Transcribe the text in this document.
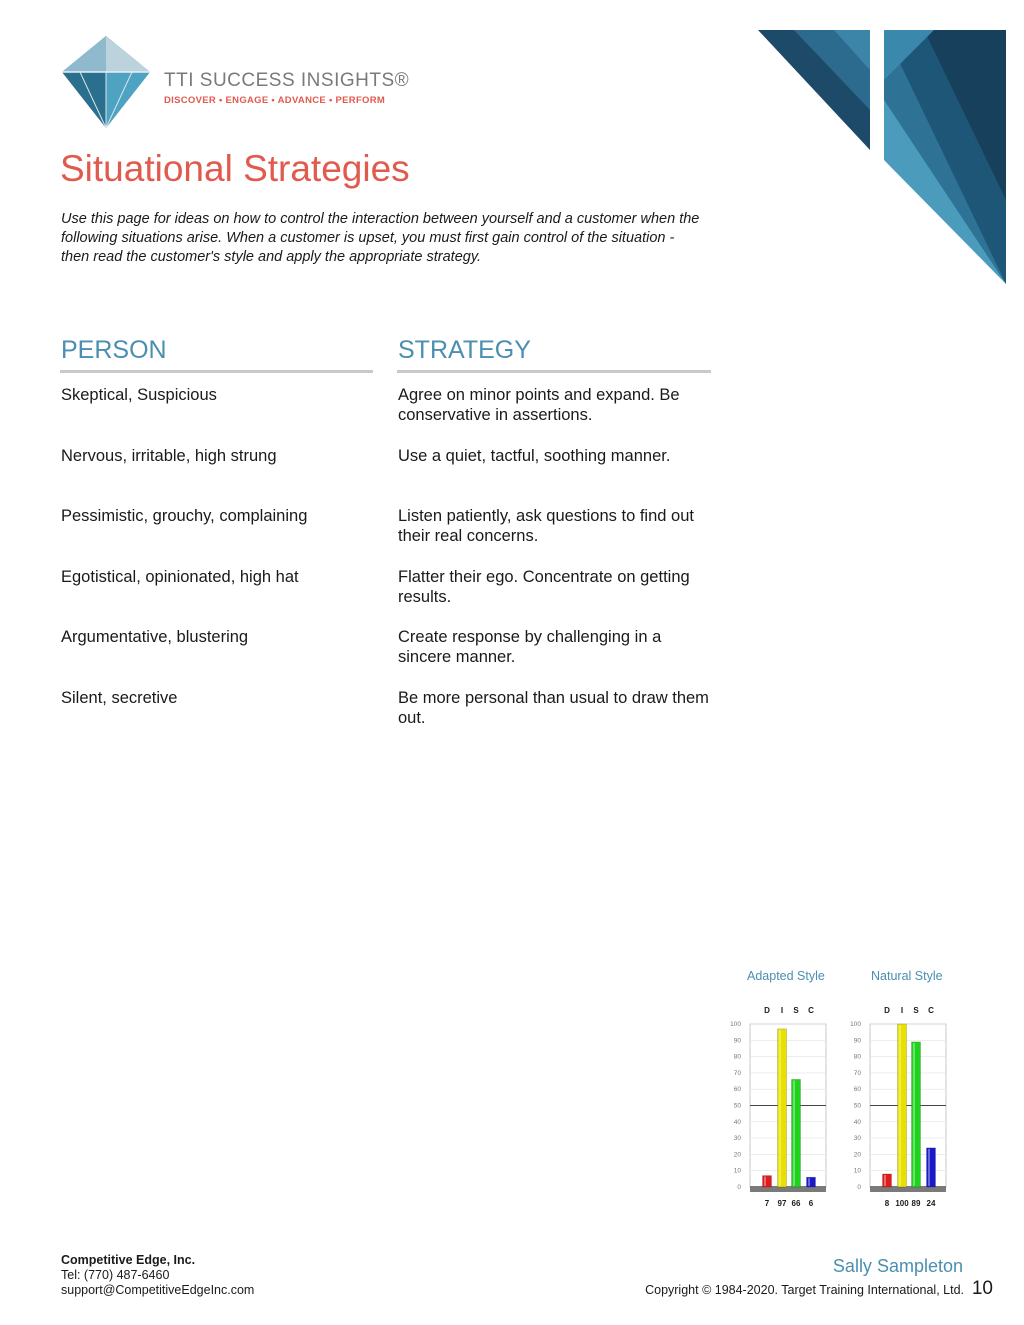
TTI SUCCESS INSIGHTS®
DISCOVER • ENGAGE • ADVANCE • PERFORM
Situational Strategies
Use this page for ideas on how to control the interaction between yourself and a customer when the following situations arise. When a customer is upset, you must first gain control of the situation - then read the customer's style and apply the appropriate strategy.
PERSON	STRATEGY
Skeptical, Suspicious	Agree on minor points and expand. Be conservative in assertions.
Nervous, irritable, high strung	Use a quiet, tactful, soothing manner.
Pessimistic, grouchy, complaining	Listen patiently, ask questions to find out their real concerns.
Egotistical, opinionated, high hat	Flatter their ego. Concentrate on getting results.
Argumentative, blustering	Create response by challenging in a sincere manner.
Silent, secretive	Be more personal than usual to draw them out.
Adapted Style	Natural Style
0
10
20
30
40
50
60
70
80
90
100
D
7
I
97
S
66
C
6
0
10
20
30
40
50
60
70
80
90
100
D
8
I
100
S
89
C
24
Competitive Edge, Inc.
Tel: (770) 487-6460
support@CompetitiveEdgeInc.com
Sally Sampleton
Copyright © 1984-2020. Target Training International, Ltd. 10
